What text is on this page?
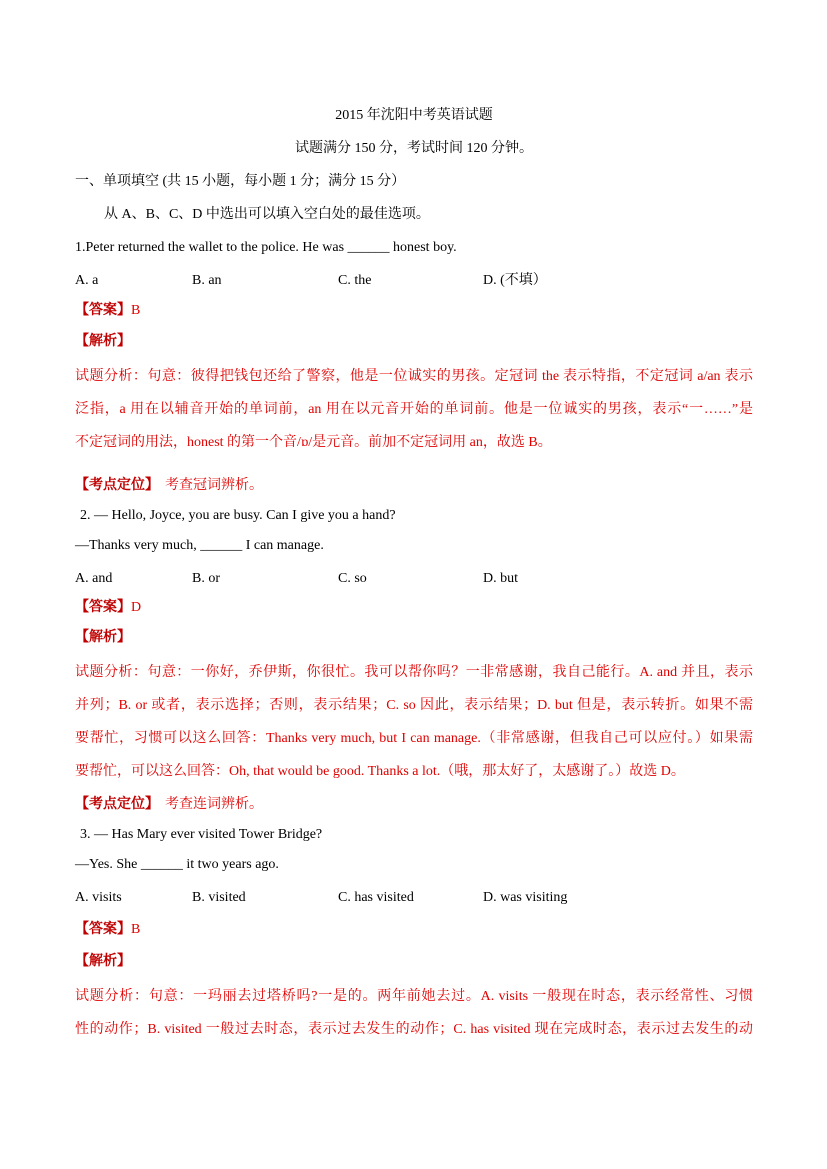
2015 年沈阳中考英语试题
试题满分 150 分，考试时间 120 分钟。
一、单项填空 (共 15 小题，每小题 1 分；满分 15 分）
从 A、B、C、D 中选出可以填入空白处的最佳选项。
1.Peter returned the wallet to the police. He was ______ honest boy.
A. a	B. an	C. the	D. (不填）
【答案】B
【解析】
试题分析：句意：彼得把钱包还给了警察，他是一位诚实的男孩。定冠词 the 表示特指，不定冠词 a/an 表示
泛指，a 用在以辅音开始的单词前，an 用在以元音开始的单词前。他是一位诚实的男孩，表示“一……”是
不定冠词的用法，honest 的第一个音/ɒ/是元音。前加不定冠词用 an，故选 B。
【考点定位】 考查冠词辨析。
2. — Hello, Joyce, you are busy. Can I give you a hand?
—Thanks very much, ______ I can manage.
A. and	B. or	C. so	D. but
【答案】D
【解析】
试题分析：句意：一你好，乔伊斯，你很忙。我可以帮你吗？一非常感谢，我自己能行。A. and 并且，表示
并列；B. or 或者，表示选择；否则，表示结果；C. so 因此，表示结果；D. but 但是，表示转折。如果不需
要帮忙，习惯可以这么回答：Thanks very much, but I can manage.（非常感谢，但我自己可以应付。）如果需
要帮忙，可以这么回答：Oh, that would be good. Thanks a lot.（哦，那太好了，太感谢了。）故选 D。
【考点定位】 考查连词辨析。
3. — Has Mary ever visited Tower Bridge?
—Yes. She ______ it two years ago.
A. visits	B. visited	C. has visited	D. was visiting
【答案】B
【解析】
试题分析：句意：一玛丽去过塔桥吗?一是的。两年前她去过。A. visits 一般现在时态，表示经常性、习惯
性的动作；B. visited 一般过去时态，表示过去发生的动作；C. has visited 现在完成时态，表示过去发生的动
